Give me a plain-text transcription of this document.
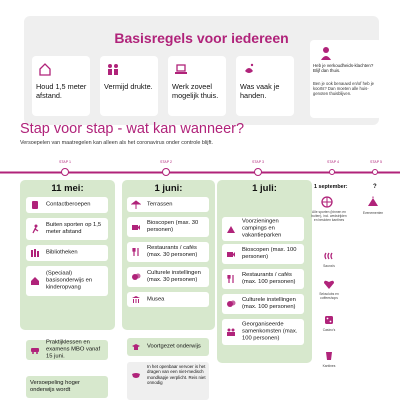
Basisregels voor iedereen
Houd 1,5 meter afstand.
Vermijd drukte.	Werk zoveel mogelijk thuis.
Was vaak je handen.
Heb je verkoudheids-klachten? Blijf dan thuis.
Ben je ook benauwd en/of heb je koorts? Dan moeten alle huis-genoten thuisblijven.
Stap voor stap - wat kan wanneer?
Versoepelen van maatregelen kan alleen als het coronavirus onder controle blijft.
STAP 1	STAP 2	STAP 3	STAP 4	STAP 5
11 mei:
Contactberoepen
Buiten sporten op 1,5 meter afstand
Bibliotheken
(Speciaal) basisonderwijs en kinderopvang
Praktijklessen en examens MBO vanaf 15 juni.
Versoepeling hoger onderwijs wordt
1 juni:
Terrassen
Bioscopen (max. 30 personen)
Restaurants / cafés (max. 30 personen)
Culturele instellingen (max. 30 personen)
Musea
Voortgezet onderwijs
In het openbaar vervoer is het dragen van een niet-medisch mondkapje verplicht. Reis niet onnodig
1 juli:
Voorzieningen campings en vakantieparken
Bioscopen (max. 100 personen)
Restaurants / cafés (max. 100 personen)
Culturele instellingen (max. 100 personen)
Georganiseerde samenkomsten (max. 100 personen)
1 september:
Alle sporten (binnen en buiten), incl. wedstrijden en besloten kantines
Sauna's
Seksclubs en coffeeshops
Casino's
Kantines
?
Evenementen
